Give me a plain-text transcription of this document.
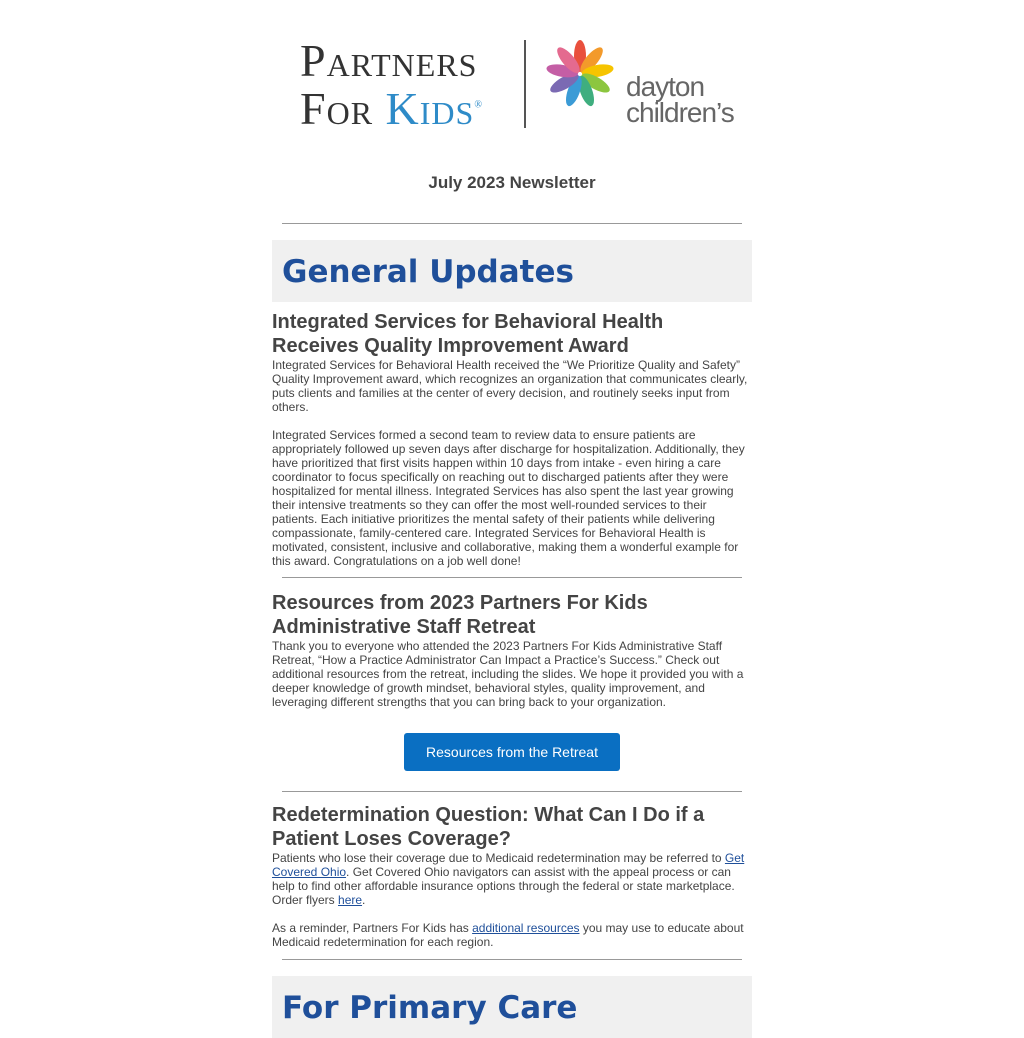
Partners
For Kids®
dayton
children’s
July 2023 Newsletter
General Updates
Integrated Services for Behavioral Health Receives Quality Improvement Award
Integrated Services for Behavioral Health received the “We Prioritize Quality and Safety” Quality Improvement award, which recognizes an organization that communicates clearly, puts clients and families at the center of every decision, and routinely seeks input from others.
Integrated Services formed a second team to review data to ensure patients are appropriately followed up seven days after discharge for hospitalization. Additionally, they have prioritized that first visits happen within 10 days from intake - even hiring a care coordinator to focus specifically on reaching out to discharged patients after they were hospitalized for mental illness. Integrated Services has also spent the last year growing their intensive treatments so they can offer the most well-rounded services to their patients. Each initiative prioritizes the mental safety of their patients while delivering compassionate, family-centered care. Integrated Services for Behavioral Health is motivated, consistent, inclusive and collaborative, making them a wonderful example for this award. Congratulations on a job well done!
Resources from 2023 Partners For Kids Administrative Staff Retreat
Thank you to everyone who attended the 2023 Partners For Kids Administrative Staff Retreat, “How a Practice Administrator Can Impact a Practice’s Success.” Check out additional resources from the retreat, including the slides. We hope it provided you with a deeper knowledge of growth mindset, behavioral styles, quality improvement, and leveraging different strengths that you can bring back to your organization.
Resources from the Retreat
Redetermination Question: What Can I Do if a Patient Loses Coverage?
Patients who lose their coverage due to Medicaid redetermination may be referred to Get Covered Ohio. Get Covered Ohio navigators can assist with the appeal process or can help to find other affordable insurance options through the federal or state marketplace. Order flyers here.
As a reminder, Partners For Kids has additional resources you may use to educate about Medicaid redetermination for each region.
For Primary Care
